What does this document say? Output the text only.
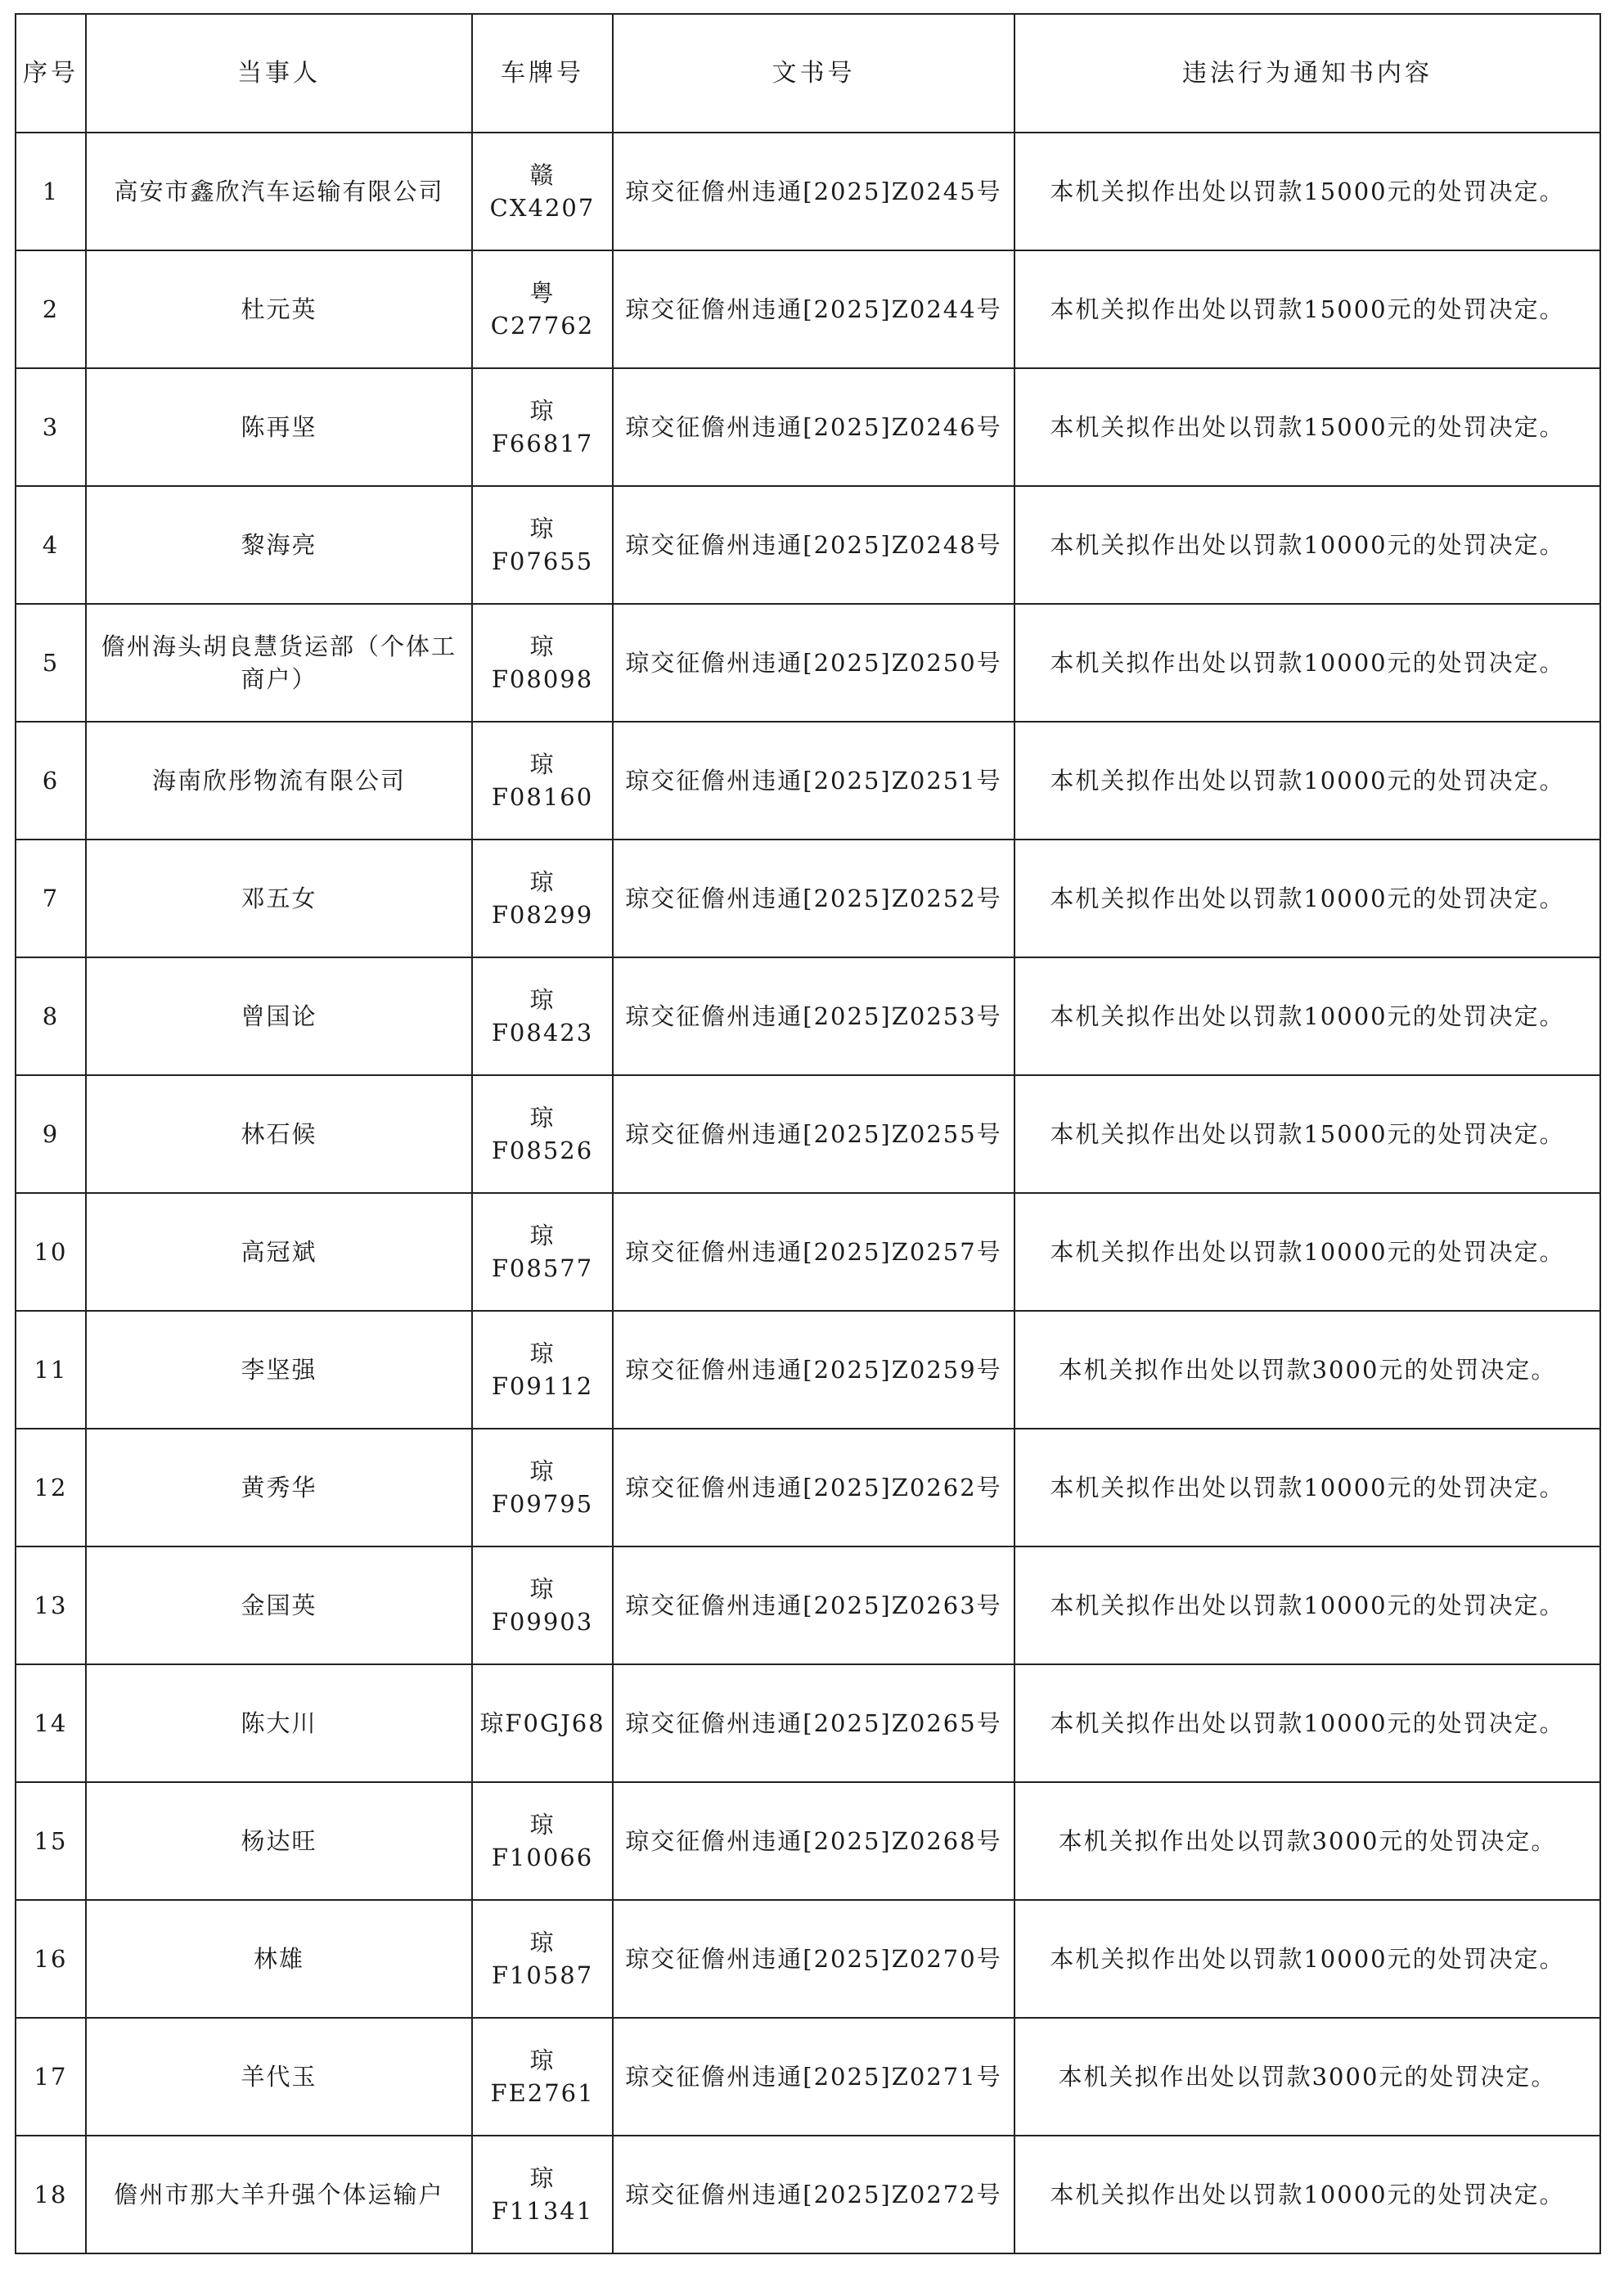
序号	当事人	车牌号	文书号	违法行为通知书内容
1	高安市鑫欣汽车运输有限公司	赣CX4207	琼交征儋州违通[2025]Z0245号	本机关拟作出处以罚款15000元的处罚决定。
2	杜元英	粤C27762	琼交征儋州违通[2025]Z0244号	本机关拟作出处以罚款15000元的处罚决定。
3	陈再坚	琼F66817	琼交征儋州违通[2025]Z0246号	本机关拟作出处以罚款15000元的处罚决定。
4	黎海亮	琼F07655	琼交征儋州违通[2025]Z0248号	本机关拟作出处以罚款10000元的处罚决定。
5	儋州海头胡良慧货运部（个体工商户）	琼F08098	琼交征儋州违通[2025]Z0250号	本机关拟作出处以罚款10000元的处罚决定。
6	海南欣彤物流有限公司	琼F08160	琼交征儋州违通[2025]Z0251号	本机关拟作出处以罚款10000元的处罚决定。
7	邓五女	琼F08299	琼交征儋州违通[2025]Z0252号	本机关拟作出处以罚款10000元的处罚决定。
8	曾国论	琼F08423	琼交征儋州违通[2025]Z0253号	本机关拟作出处以罚款10000元的处罚决定。
9	林石候	琼F08526	琼交征儋州违通[2025]Z0255号	本机关拟作出处以罚款15000元的处罚决定。
10	高冠斌	琼F08577	琼交征儋州违通[2025]Z0257号	本机关拟作出处以罚款10000元的处罚决定。
11	李坚强	琼F09112	琼交征儋州违通[2025]Z0259号	本机关拟作出处以罚款3000元的处罚决定。
12	黄秀华	琼F09795	琼交征儋州违通[2025]Z0262号	本机关拟作出处以罚款10000元的处罚决定。
13	金国英	琼F09903	琼交征儋州违通[2025]Z0263号	本机关拟作出处以罚款10000元的处罚决定。
14	陈大川	琼F0GJ68	琼交征儋州违通[2025]Z0265号	本机关拟作出处以罚款10000元的处罚决定。
15	杨达旺	琼F10066	琼交征儋州违通[2025]Z0268号	本机关拟作出处以罚款3000元的处罚决定。
16	林雄	琼F10587	琼交征儋州违通[2025]Z0270号	本机关拟作出处以罚款10000元的处罚决定。
17	羊代玉	琼FE2761	琼交征儋州违通[2025]Z0271号	本机关拟作出处以罚款3000元的处罚决定。
18	儋州市那大羊升强个体运输户	琼F11341	琼交征儋州违通[2025]Z0272号	本机关拟作出处以罚款10000元的处罚决定。
